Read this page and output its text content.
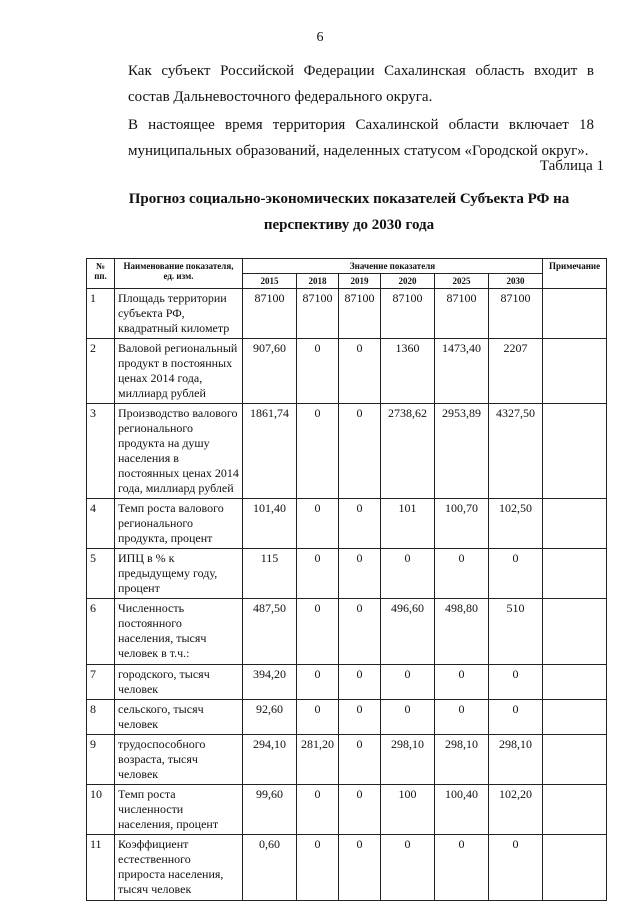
6
Как субъект Российской Федерации Сахалинская область входит в состав Дальневосточного федерального округа.
В настоящее время территория Сахалинской области включает 18 муниципальных образований, наделенных статусом «Городской округ».
Таблица 1
Прогноз социально-экономических показателей Субъекта РФ на перспективу до 2030 года
№ пп.	Наименование показателя, ед. изм.	Значение показателя						Примечание
		2015	2018	2019	2020	2025	2030	
1	Площадь территории субъекта РФ, квадратный километр	87100	87100	87100	87100	87100	87100	
2	Валовой региональный продукт в постоянных ценах 2014 года, миллиард рублей	907,60	0	0	1360	1473,40	2207	
3	Производство валового регионального продукта на душу населения в постоянных ценах 2014 года, миллиард рублей	1861,74	0	0	2738,62	2953,89	4327,50	
4	Темп роста валового регионального продукта, процент	101,40	0	0	101	100,70	102,50	
5	ИПЦ в % к предыдущему году, процент	115	0	0	0	0	0	
6	Численность постоянного населения, тысяч человек в т.ч.:	487,50	0	0	496,60	498,80	510	
7	городского, тысяч человек	394,20	0	0	0	0	0	
8	сельского, тысяч человек	92,60	0	0	0	0	0	
9	трудоспособного возраста, тысяч человек	294,10	281,20	0	298,10	298,10	298,10	
10	Темп роста численности населения, процент	99,60	0	0	100	100,40	102,20	
11	Коэффициент естественного прироста населения, тысяч человек	0,60	0	0	0	0	0	
